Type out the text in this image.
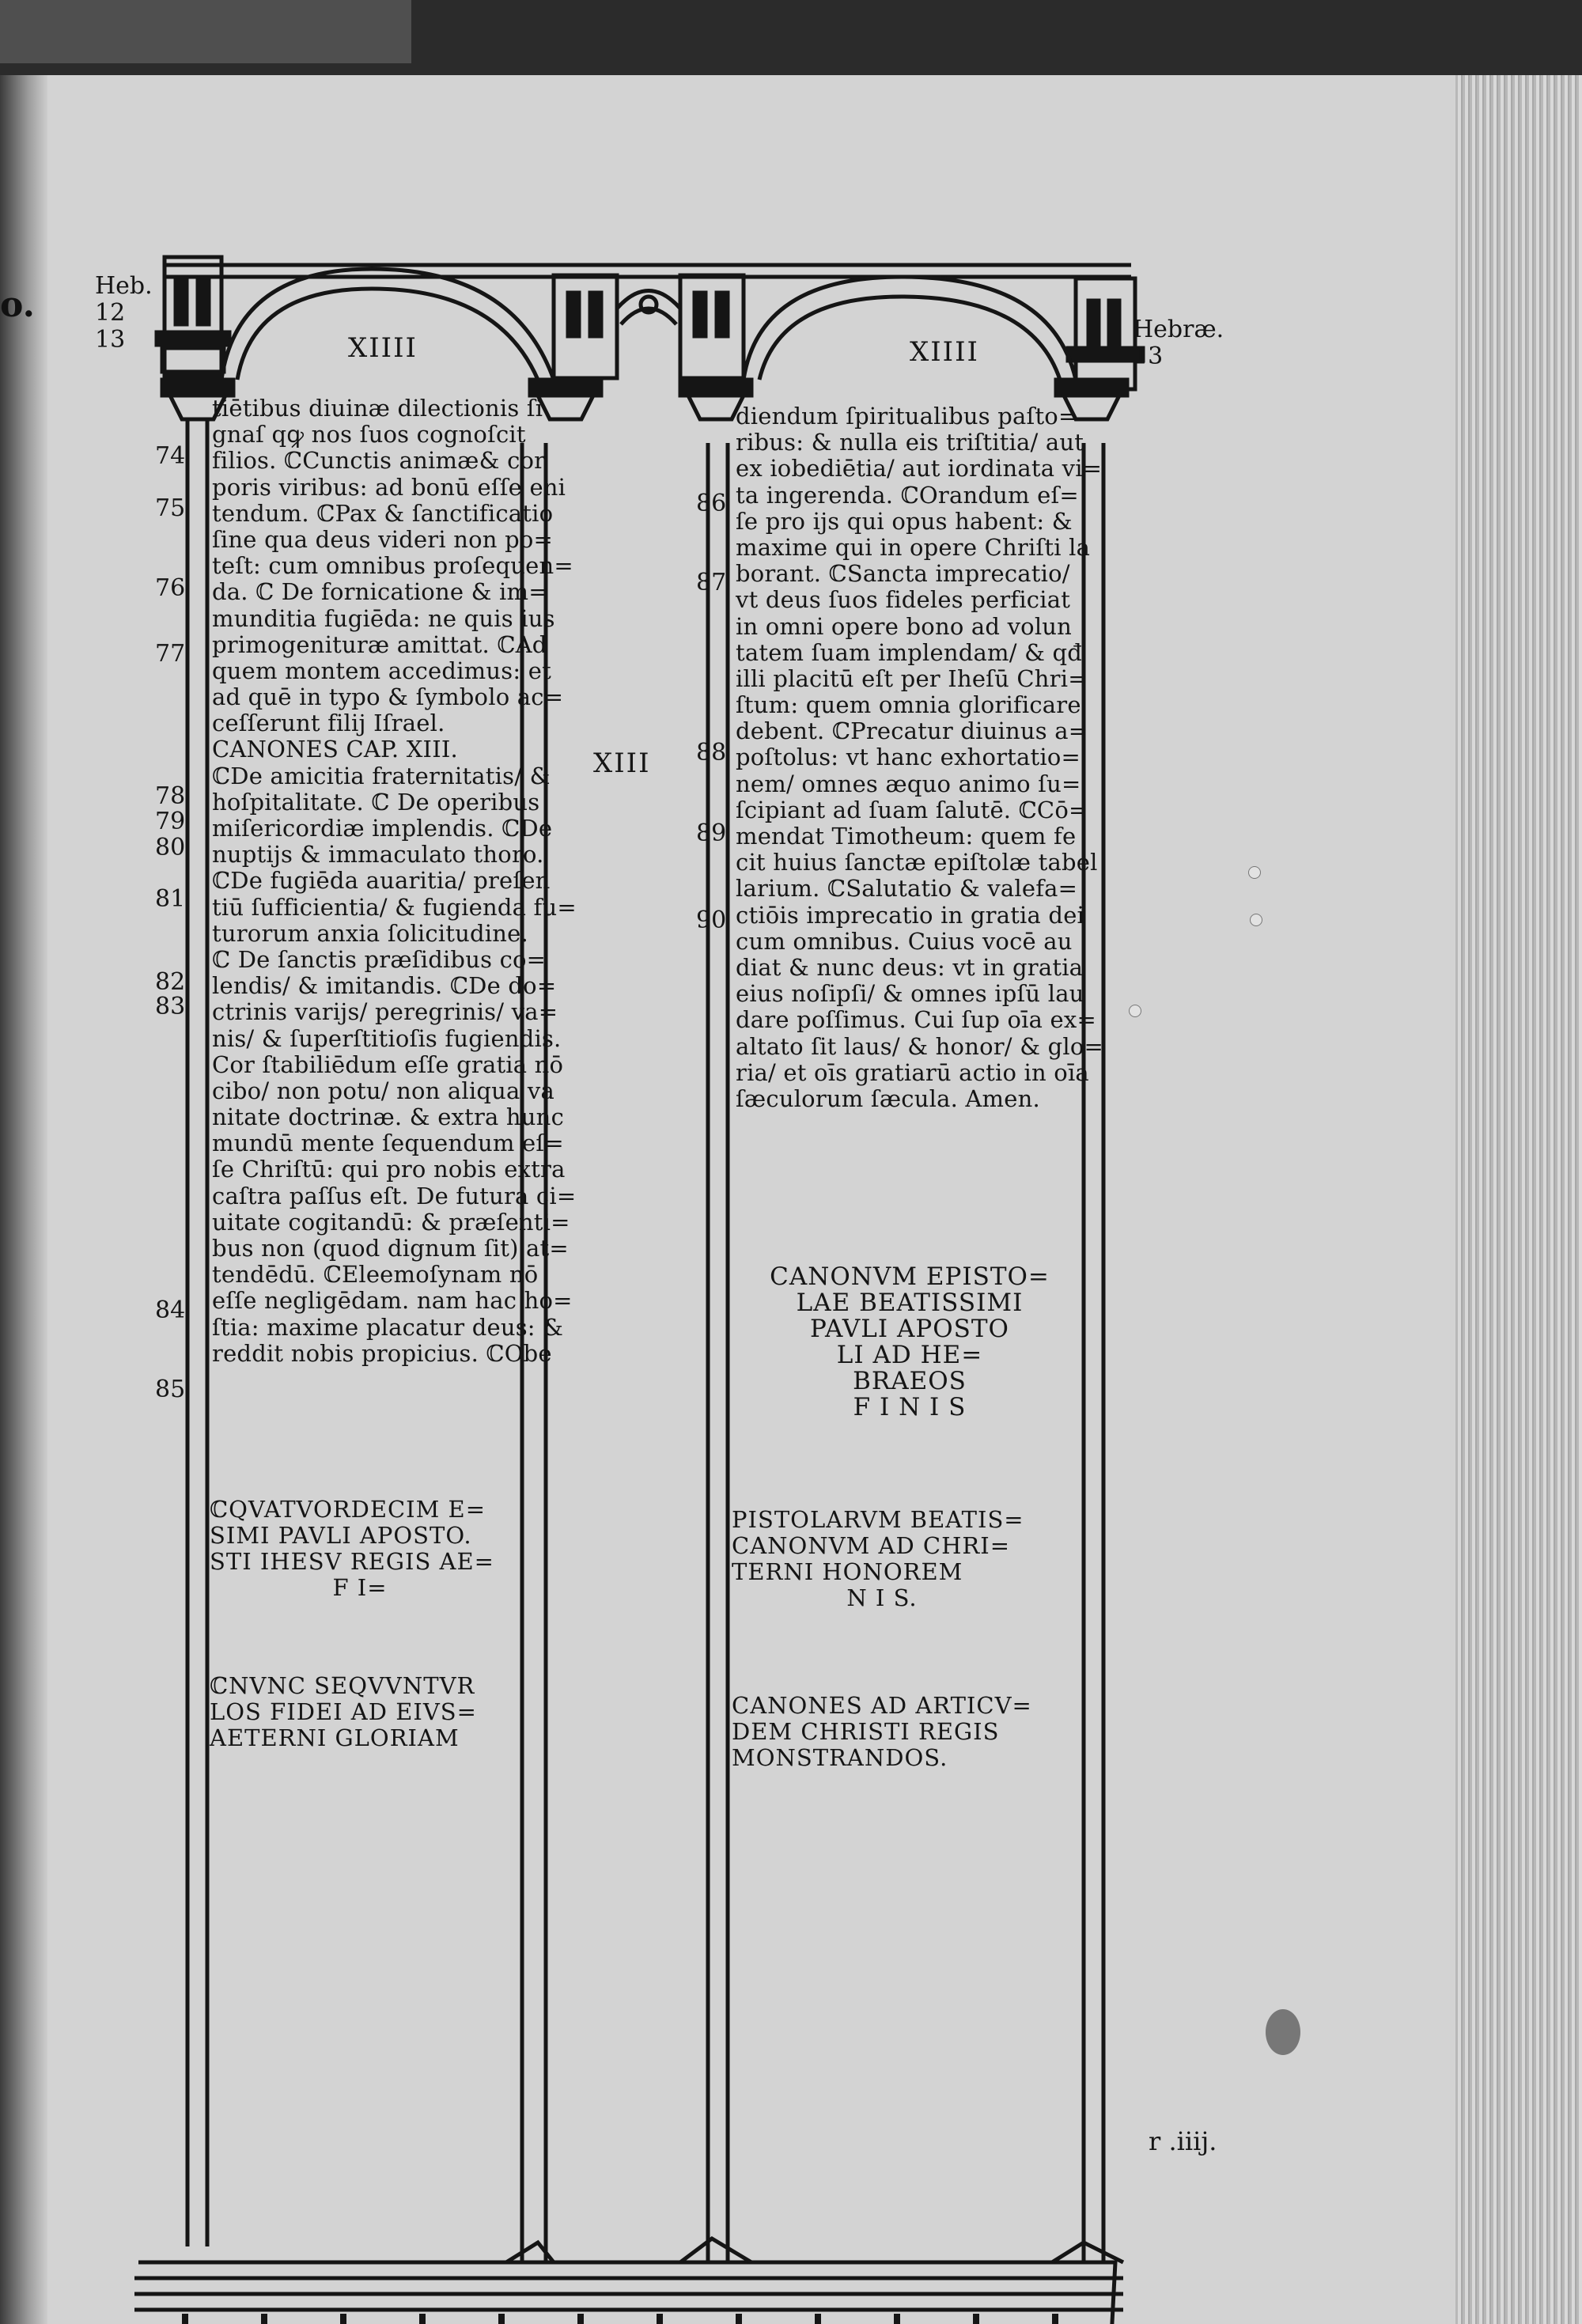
o.	Heb.
12
13	Hebræ.
13
XIIII	XIIII
XIII
tiētibus diuinæ dilectionis ſi
gnaſ qꝙ nos ſuos cognoſcit
filios. ℂCunctis animæ& cor
poris viribus: ad bonū eſſe eni
tendum. ℂPax & ſanctificatio
ſine qua deus videri non po=
teſt: cum omnibus proſequen=
da. ℂ De fornicatione & im=
munditia fugiēda: ne quis ius
primogenituræ amittat. ℂAd
quem montem accedimus: et
ad quē in typo & ſymbolo ac=
ceſſerunt filij Iſrael.
CANONES CAP. XIII.
ℂDe amicitia fraternitatis/ &
hoſpitalitate. ℂ De operibus
miſericordiæ implendis. ℂDe
nuptijs & immaculato thoro.
ℂDe fugiēda auaritia/ preſen
tiū ſufficientia/ & fugienda fu=
turorum anxia ſolicitudine.
ℂ De ſanctis præſidibus co=
lendis/ & imitandis. ℂDe do=
ctrinis varijs/ peregrinis/ va=
nis/ & ſuperſtitioſis fugiendis.
Cor ſtabiliēdum eſſe gratia nō
cibo/ non potu/ non aliqua va
nitate doctrinæ. & extra hunc
mundū mente ſequendum eſ=
ſe Chriſtū: qui pro nobis extra
caſtra paſſus eſt. De futura ci=
uitate cogitandū: & præſenti=
bus non (quod dignum ſit) at=
tendēdū. ℂEleemoſynam nō
eſſe negligēdam. nam hac ho=
ſtia: maxime placatur deus: &
reddit nobis propicius. ℂObe
74
75
76
77
78
79
80
81
82
83
84
85
diendum ſpiritualibus paſto=
ribus: & nulla eis triſtitia/ aut
ex iobediētia/ aut iordinata vi=
ta ingerenda. ℂOrandum eſ=
ſe pro ijs qui opus habent: &
maxime qui in opere Chriſti la
borant. ℂSancta imprecatio/
vt deus ſuos fideles perficiat
in omni opere bono ad volun
tatem ſuam implendam/ & qđ
illi placitū eſt per Iheſū Chri=
ſtum: quem omnia glorificare
debent. ℂPrecatur diuinus a=
poſtolus: vt hanc exhortatio=
nem/ omnes æquo animo ſu=
ſcipiant ad ſuam ſalutē. ℂCō=
mendat Timotheum: quem fe
cit huius ſanctæ epiſtolæ tabel
larium. ℂSalutatio & valefa=
ctiōis imprecatio in gratia dei
cum omnibus. Cuius vocē au
diat & nunc deus: vt in gratia
eius noſipſi/ & omnes ipſū lau
dare poſſimus. Cui ſup oīa ex=
altato ſit laus/ & honor/ & glo=
ria/ et oīs gratiarū actio in oīa
ſæculorum ſæcula. Amen.
86
87
88
89
90
CANONVM EPISTO=
LAE BEATISSIMI
PAVLI APOSTO
LI AD HE=
BRAEOS
F I N I S
ℂQVATVORDECIM E=
SIMI PAVLI APOSTO.
STI IHESV REGIS AE=
F I=
PISTOLARVM BEATIS=
CANONVM AD CHRI=
TERNI HONOREM
N I S.
ℂNVNC SEQVVNTVR
LOS FIDEI AD EIVS=
AETERNI GLORIAM
CANONES AD ARTICV=
DEM CHRISTI REGIS
MONSTRANDOS.
r .iiij.
